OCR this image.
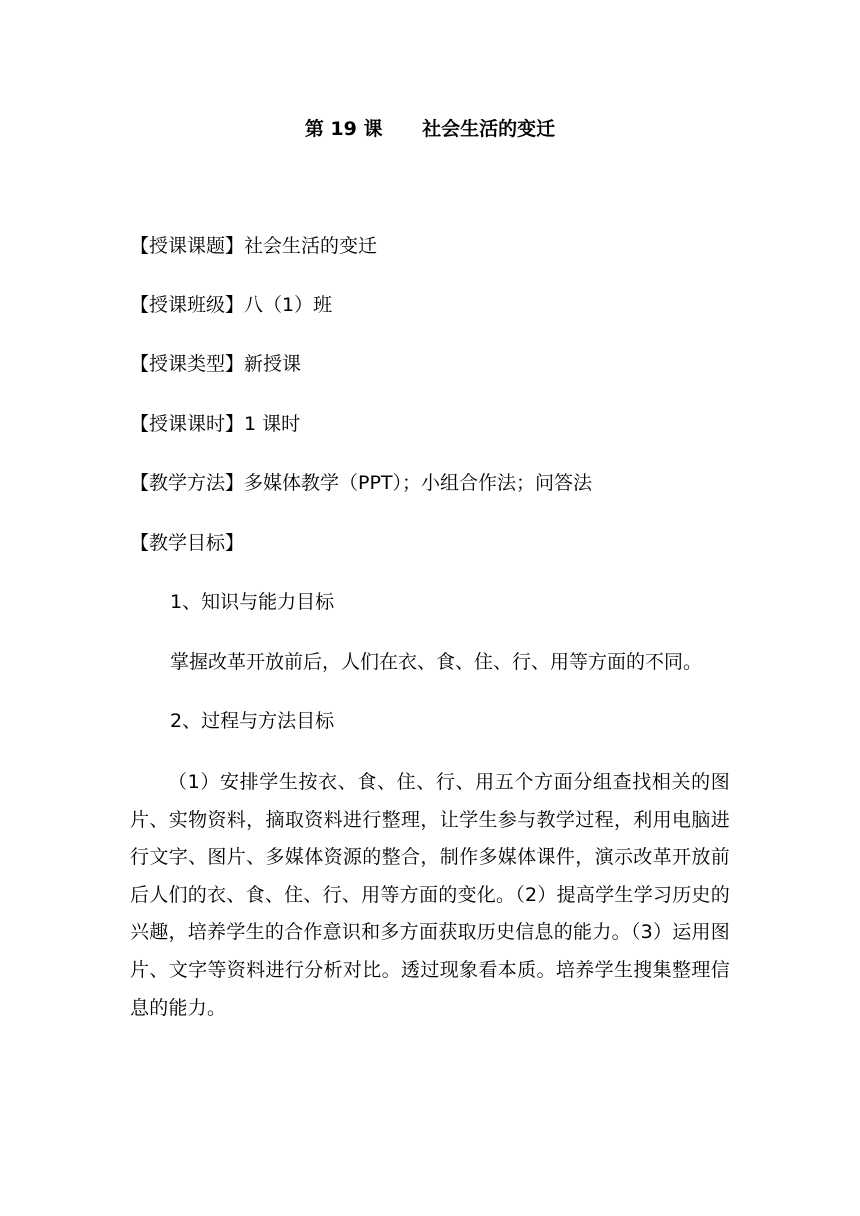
第 19 课      社会生活的变迁
【授课课题】社会生活的变迁
【授课班级】八（1）班
【授课类型】新授课
【授课课时】1 课时
【教学方法】多媒体教学（PPT）；小组合作法；问答法
【教学目标】
1、知识与能力目标
掌握改革开放前后，人们在衣、食、住、行、用等方面的不同。
2、过程与方法目标
（1）安排学生按衣、食、住、行、用五个方面分组查找相关的图片、实物资料，摘取资料进行整理，让学生参与教学过程，利用电脑进行文字、图片、多媒体资源的整合，制作多媒体课件，演示改革开放前后人们的衣、食、住、行、用等方面的变化。（2）提高学生学习历史的兴趣，培养学生的合作意识和多方面获取历史信息的能力。（3）运用图片、文字等资料进行分析对比。透过现象看本质。培养学生搜集整理信息的能力。
